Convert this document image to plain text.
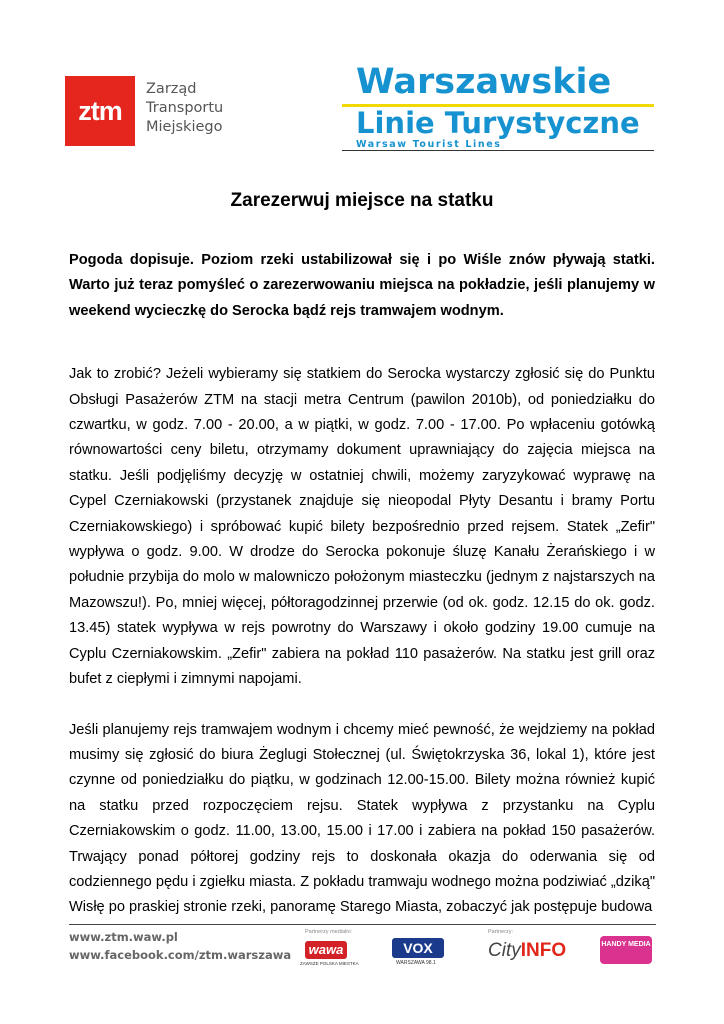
ztm
Zarząd
Transportu
Miejskiego
Warszawskie
Linie Turystyczne
Warsaw Tourist Lines
Zarezerwuj miejsce na statku

Pogoda dopisuje. Poziom rzeki ustabilizował się i po Wiśle znów pływają statki. Warto już teraz pomyśleć o zarezerwowaniu miejsca na pokładzie, jeśli planujemy w weekend wycieczkę do Serocka bądź rejs tramwajem wodnym.

Jak to zrobić? Jeżeli wybieramy się statkiem do Serocka wystarczy zgłosić się do Punktu Obsługi Pasażerów ZTM na stacji metra Centrum (pawilon 2010b), od poniedziałku do czwartku, w godz. 7.00 - 20.00, a w piątki, w godz. 7.00 - 17.00. Po wpłaceniu gotówką równowartości ceny biletu, otrzymamy dokument uprawniający do zajęcia miejsca na statku. Jeśli podjęliśmy decyzję w ostatniej chwili, możemy zaryzykować wyprawę na Cypel Czerniakowski (przystanek znajduje się nieopodal Płyty Desantu i bramy Portu Czerniakowskiego) i spróbować kupić bilety bezpośrednio przed rejsem. Statek „Zefir" wypływa o godz. 9.00. W drodze do Serocka pokonuje śluzę Kanału Żerańskiego i w południe przybija do molo w malowniczo położonym miasteczku (jednym z najstarszych na Mazowszu!). Po, mniej więcej, półtoragodzinnej przerwie (od ok. godz. 12.15 do ok. godz. 13.45) statek wypływa w rejs powrotny do Warszawy i około godziny 19.00 cumuje na Cyplu Czerniakowskim. „Zefir" zabiera na pokład 110 pasażerów. Na statku jest grill oraz bufet z ciepłymi i zimnymi napojami.

Jeśli planujemy rejs tramwajem wodnym i chcemy mieć pewność, że wejdziemy na pokład musimy się zgłosić do biura Żeglugi Stołecznej (ul. Świętokrzyska 36, lokal 1), które jest czynne od poniedziałku do piątku, w godzinach 12.00-15.00. Bilety można również kupić na statku przed rozpoczęciem rejsu. Statek wypływa z przystanku na Cyplu Czerniakowskim o godz. 11.00, 13.00, 15.00 i 17.00 i zabiera na pokład 150 pasażerów. Trwający ponad półtorej godziny rejs to doskonała okazja do oderwania się od codziennego pędu i zgiełku miasta. Z pokładu tramwaju wodnego można podziwiać „dziką" Wisłę po praskiej stronie rzeki, panoramę Starego Miasta, zobaczyć jak postępuje budowa

www.ztm.waw.pl
www.facebook.com/ztm.warszawa
Partnerzy medialni:	Partnerzy:
wawa
ZAWSZE POLSKA MIESTKA
VOX
WARSZAWA 98.1
CityINFO	HANDY MEDIA
